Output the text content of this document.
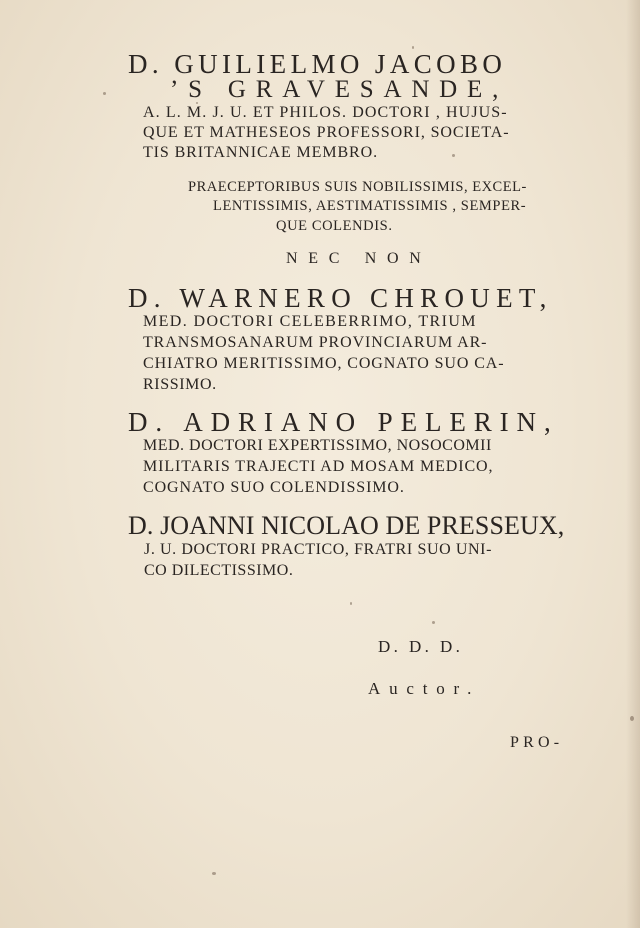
D. GUILIELMO JACOBO
’S GRAVESANDE,
A. L. M. J. U. ET PHILOS. DOCTORI , HUJUS-
QUE ET MATHESEOS PROFESSORI, SOCIETA-
TIS BRITANNICAE MEMBRO.
PRAECEPTORIBUS SUIS NOBILISSIMIS, EXCEL-
LENTISSIMIS, AESTIMATISSIMIS , SEMPER-
QUE COLENDIS.
NEC NON
D. WARNERO CHROUET,
MED. DOCTORI CELEBERRIMO, TRIUM
TRANSMOSANARUM PROVINCIARUM AR-
CHIATRO MERITISSIMO, COGNATO SUO CA-
RISSIMO.
D. ADRIANO PELERIN,
MED. DOCTORI EXPERTISSIMO, NOSOCOMII
MILITARIS TRAJECTI AD MOSAM MEDICO,
COGNATO SUO COLENDISSIMO.
D. JOANNI NICOLAO DE PRESSEUX,
J. U. DOCTORI PRACTICO, FRATRI SUO UNI-
CO DILECTISSIMO.
D. D. D.
Auctor.
PRO-
